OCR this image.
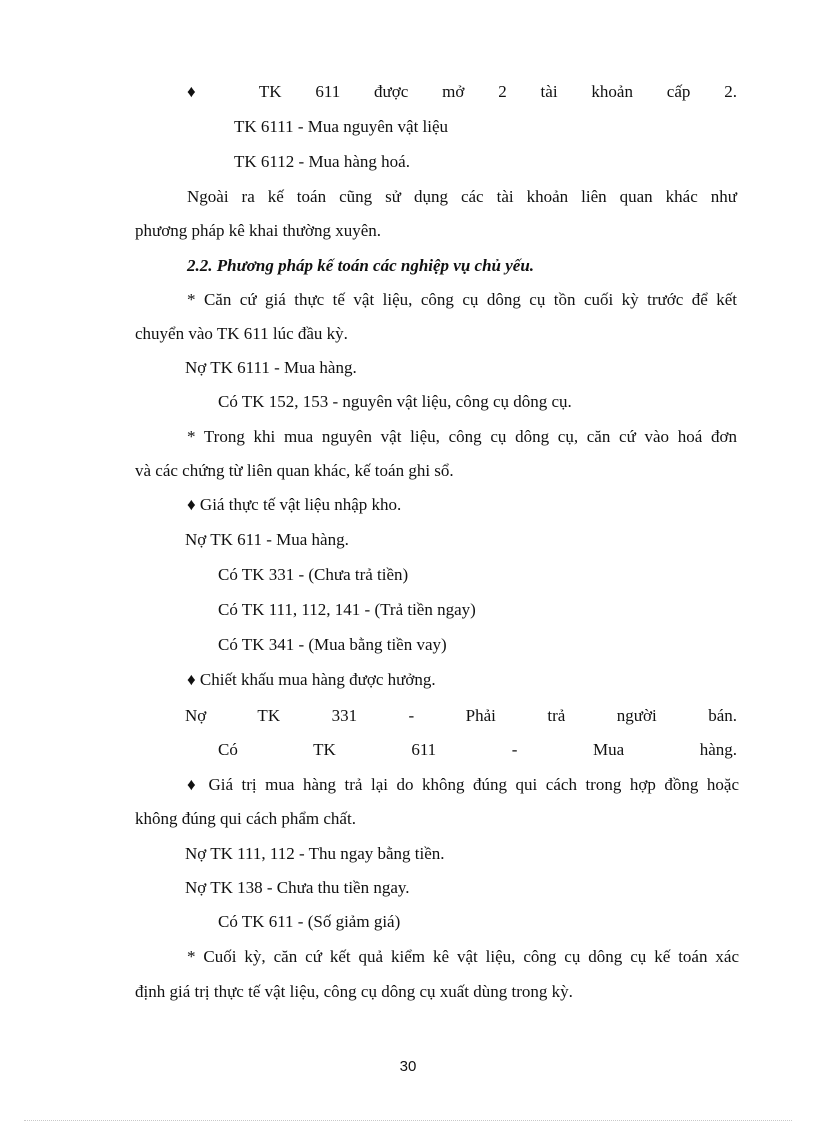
♦ TK 611 được mở 2 tài khoản cấp 2.
TK 6111 - Mua nguyên vật liệu
TK 6112 - Mua hàng hoá.
Ngoài ra kế toán cũng sử dụng các tài khoản liên quan khác như
phương pháp kê khai thường xuyên.
2.2. Phương pháp kế toán các nghiệp vụ chủ yếu.
* Căn cứ giá thực tế vật liệu, công cụ dông cụ tồn cuối kỳ trước để kết
chuyển vào TK 611 lúc đầu kỳ.
Nợ TK 6111 - Mua hàng.
Có TK 152, 153 - nguyên vật liệu, công cụ dông cụ.
* Trong khi mua nguyên vật liệu, công cụ dông cụ, căn cứ vào hoá đơn
và các chứng từ liên quan khác, kế toán ghi sổ.
♦ Giá thực tế vật liệu nhập kho.
Nợ TK 611 - Mua hàng.
Có TK 331 - (Chưa trả tiền)
Có TK 111, 112, 141 - (Trả tiền ngay)
Có TK 341 - (Mua bằng tiền vay)
♦ Chiết khấu mua hàng được hưởng.
Nợ TK 331 - Phải trả người bán.
Có TK 611 - Mua hàng.
♦ Giá trị mua hàng trả lại do không đúng qui cách trong hợp đồng hoặc
không đúng qui cách phẩm chất.
Nợ TK 111, 112 - Thu ngay bằng tiền.
Nợ TK 138 - Chưa thu tiền ngay.
Có TK 611 - (Số giảm giá)
* Cuối kỳ, căn cứ kết quả kiểm kê vật liệu, công cụ dông cụ kế toán xác
định giá trị thực tế vật liệu, công cụ dông cụ xuất dùng trong kỳ.
30
